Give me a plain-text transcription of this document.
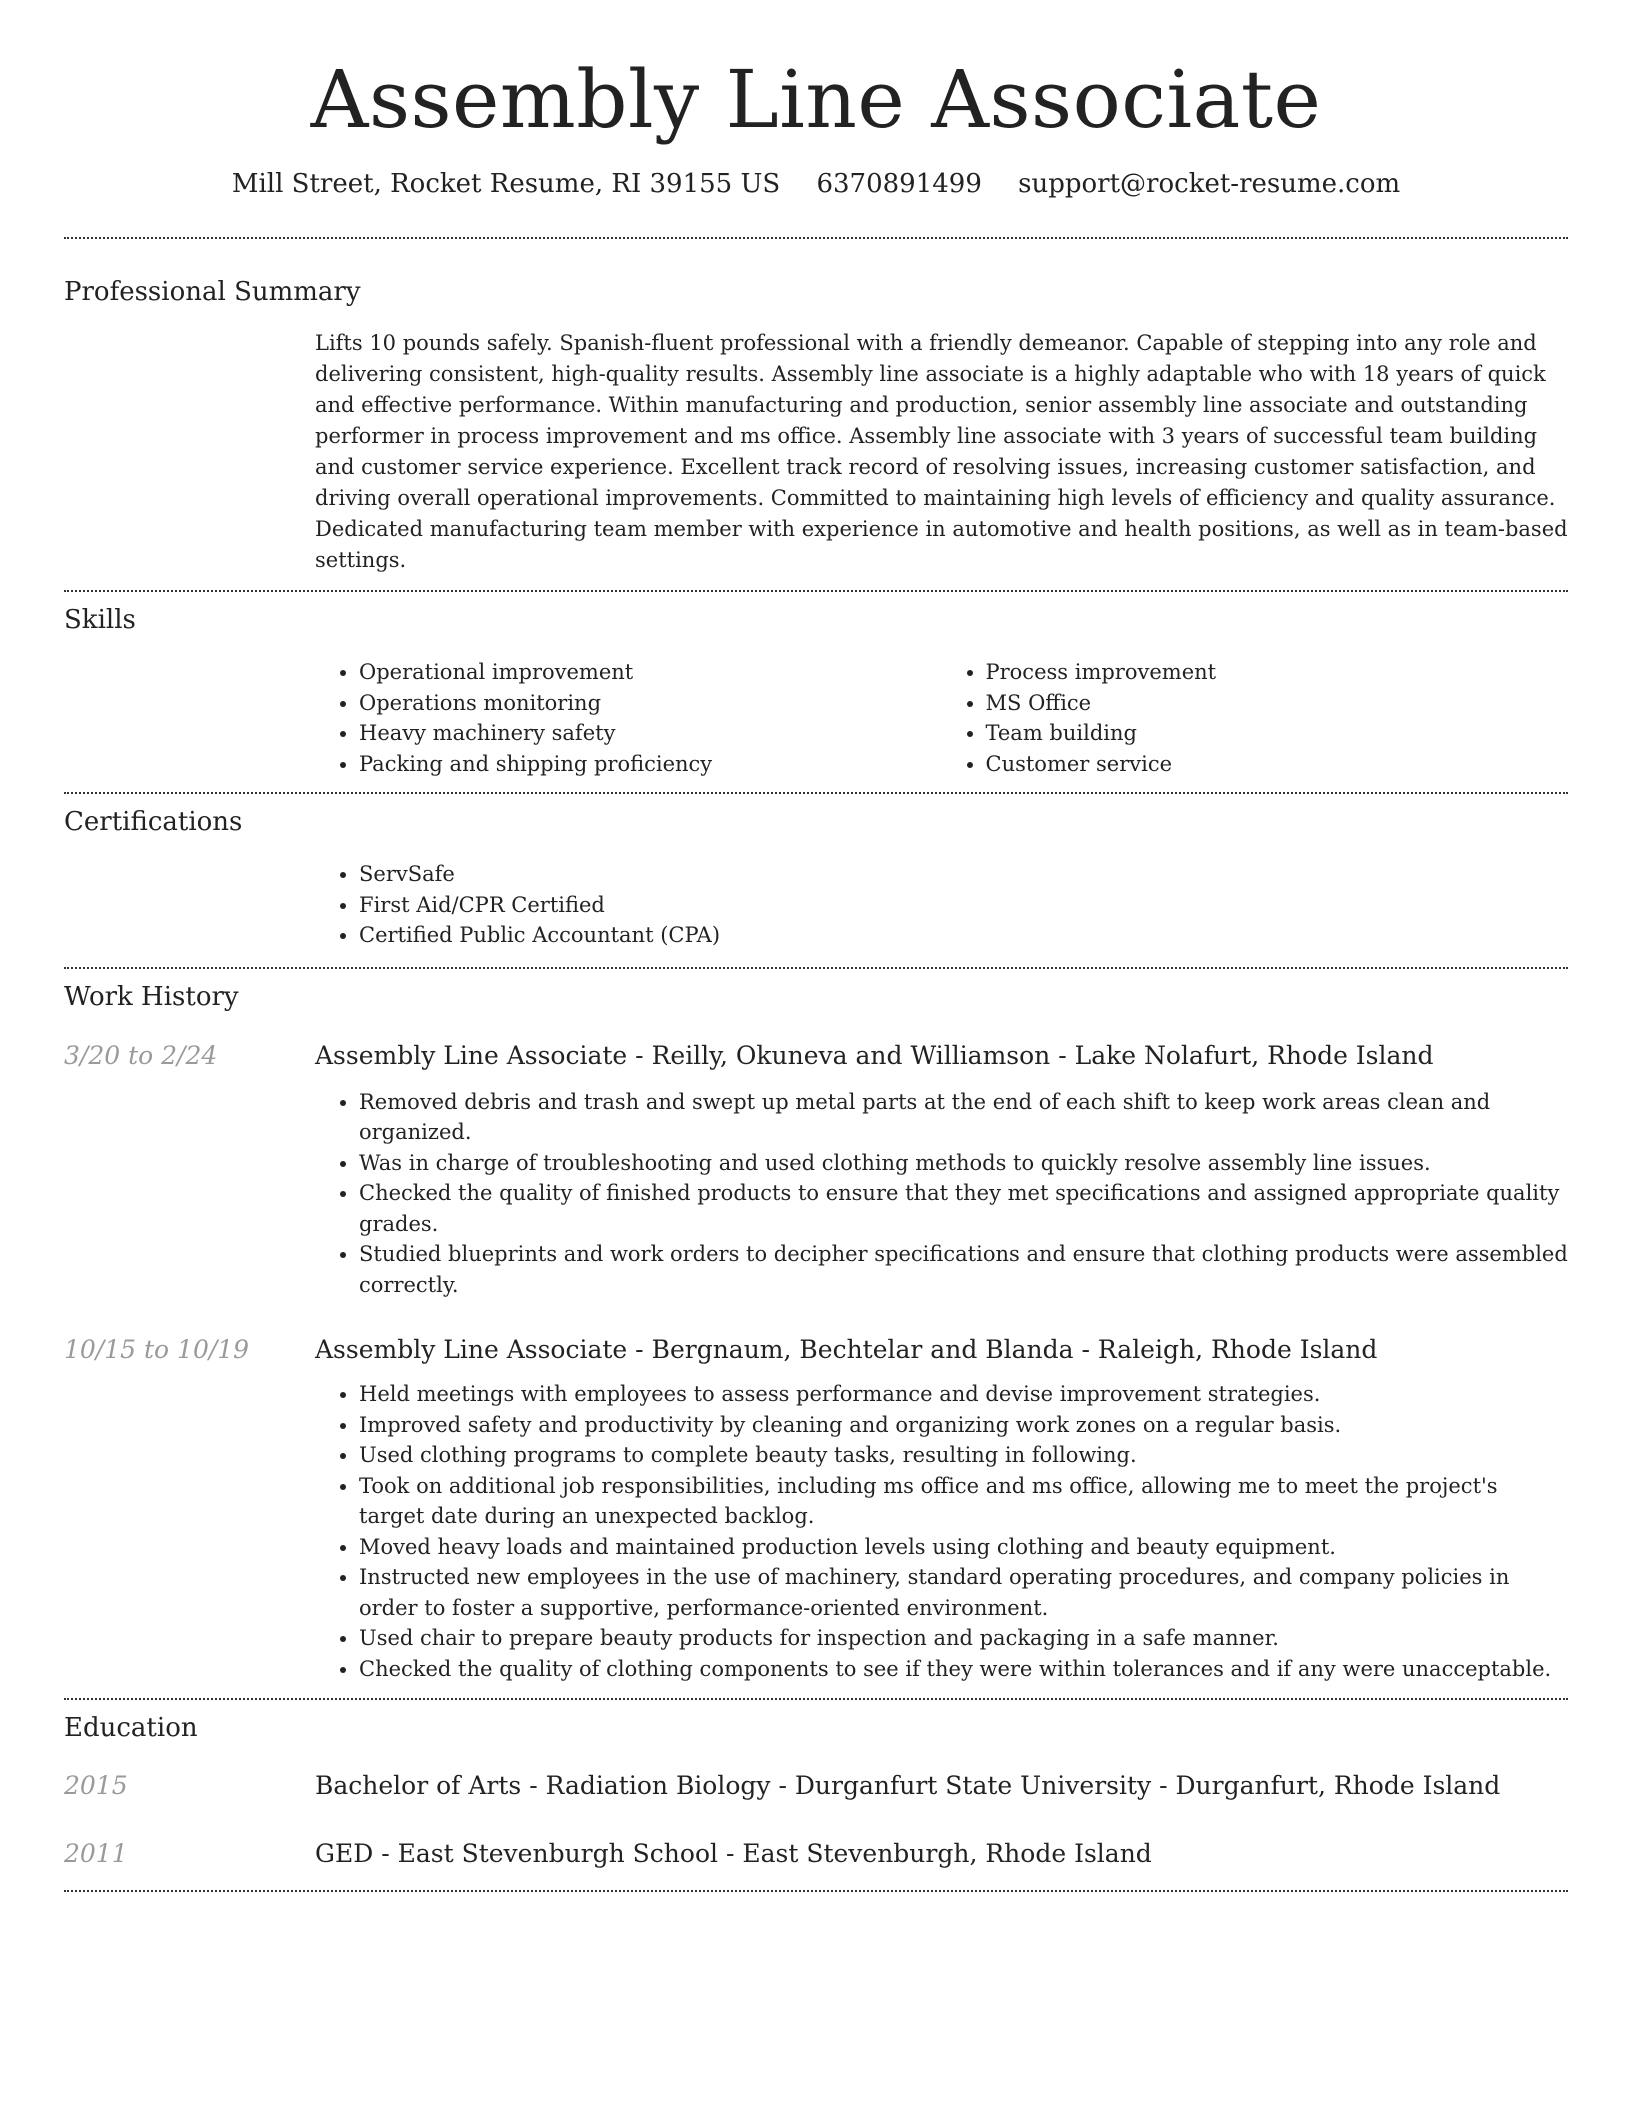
Assembly Line Associate
Mill Street, Rocket Resume, RI 39155 US 6370891499 support@rocket-resume.com
Professional Summary

Lifts 10 pounds safely. Spanish-fluent professional with a friendly demeanor. Capable of stepping into any role and delivering consistent, high-quality results. Assembly line associate is a highly adaptable who with 18 years of quick and effective performance. Within manufacturing and production, senior assembly line associate and outstanding performer in process improvement and ms office. Assembly line associate with 3 years of successful team building and customer service experience. Excellent track record of resolving issues, increasing customer satisfaction, and driving overall operational improvements. Committed to maintaining high levels of efficiency and quality assurance. Dedicated manufacturing team member with experience in automotive and health positions, as well as in team-based settings.

Skills
• Operational improvement
• Operations monitoring
• Heavy machinery safety
• Packing and shipping proficiency
• Process improvement
• MS Office
• Team building
• Customer service
Certifications
• ServSafe
• First Aid/CPR Certified
• Certified Public Accountant (CPA)
Work History
3/20 to 2/24	Assembly Line Associate - Reilly, Okuneva and Williamson - Lake Nolafurt, Rhode Island
• Removed debris and trash and swept up metal parts at the end of each shift to keep work areas clean and organized.
• Was in charge of troubleshooting and used clothing methods to quickly resolve assembly line issues.
• Checked the quality of finished products to ensure that they met specifications and assigned appropriate quality grades.
• Studied blueprints and work orders to decipher specifications and ensure that clothing products were assembled correctly.
10/15 to 10/19	Assembly Line Associate - Bergnaum, Bechtelar and Blanda - Raleigh, Rhode Island
• Held meetings with employees to assess performance and devise improvement strategies.
• Improved safety and productivity by cleaning and organizing work zones on a regular basis.
• Used clothing programs to complete beauty tasks, resulting in following.
• Took on additional job responsibilities, including ms office and ms office, allowing me to meet the project's target date during an unexpected backlog.
• Moved heavy loads and maintained production levels using clothing and beauty equipment.
• Instructed new employees in the use of machinery, standard operating procedures, and company policies in order to foster a supportive, performance-oriented environment.
• Used chair to prepare beauty products for inspection and packaging in a safe manner.
• Checked the quality of clothing components to see if they were within tolerances and if any were unacceptable.
Education
2015	Bachelor of Arts - Radiation Biology - Durganfurt State University - Durganfurt, Rhode Island
2011	GED - East Stevenburgh School - East Stevenburgh, Rhode Island
